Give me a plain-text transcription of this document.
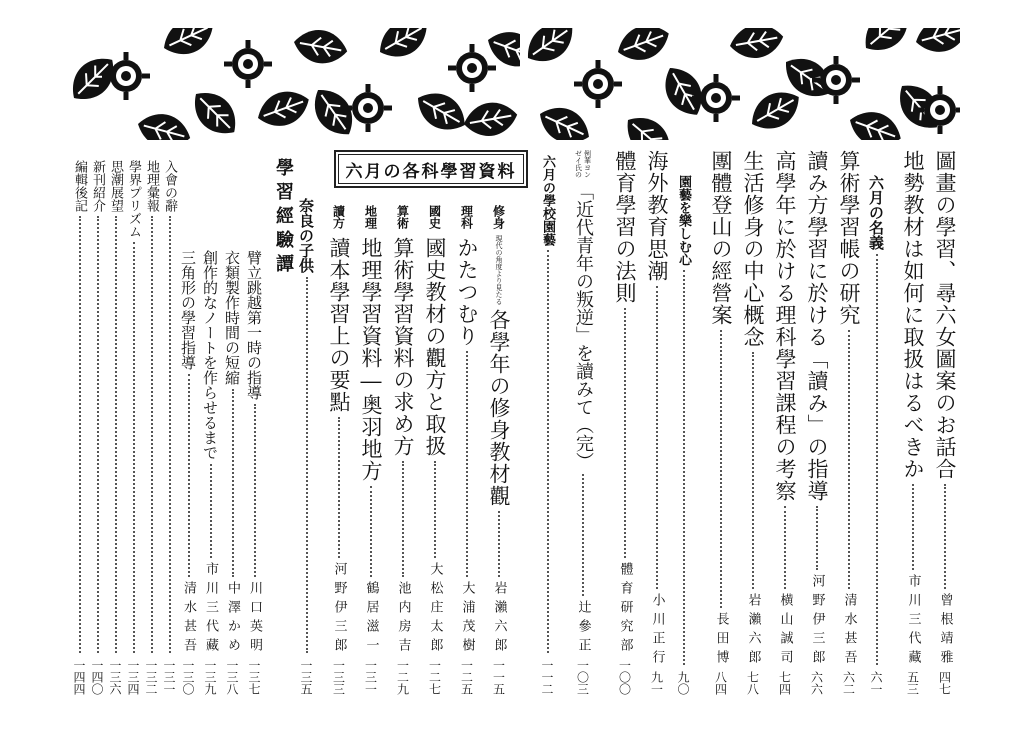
圖畫の學習、尋六女圖案のお話合
曾根靖雅
四七
地勢教材は如何に取扱はるべきか
市川三代藏
五三
六月の名義
六一
算術學習帳の研究
清水甚吾
六二
讀み方學習に於ける「讀み」の指導
河野伊三郎
六六
高學年に於ける理科學習課程の考察
横山誠司
七四
生活修身の中心概念
岩瀨六郎
七八
團體登山の經營案
長田博
八四
園藝を樂しむ心
九〇
海外教育思潮
小川正行
九一
體育學習の法則
體育研究部
一〇〇
例華ヨン
ゼイ氏の
「近代青年の叛逆」を讀みて（完）
辻參正
一〇三
六月の學校園藝
一一二
六月の各科學習資料
修身
現代の角度より見たる
各學年の修身教材觀
岩瀨六郎
一一五
理科
かたつむり
大浦茂樹
一二五
國史
國史教材の觀方と取扱
大松庄太郎
一二七
算術
算術學習資料の求め方
池内房吉
一二九
地理
地理學習資料―奥羽地方
鶴居滋一
一三一
讀方
讀本學習上の要點
河野伊三郎
一三三
奈良の子供
一三五
學習經驗譚
臂立跳越第一時の指導
川口英明
一三七
衣類製作時間の短縮
中澤かめ
一三八
創作的なノートを作らせるまで
市川三代藏
一三九
三角形の學習指導
清水甚吾
一三〇
入會の辭
一三一
地理彙報
一三二
學界プリズム
一三四
思潮展望
一三六
新刊紹介
一四〇
編輯後記
一四四
